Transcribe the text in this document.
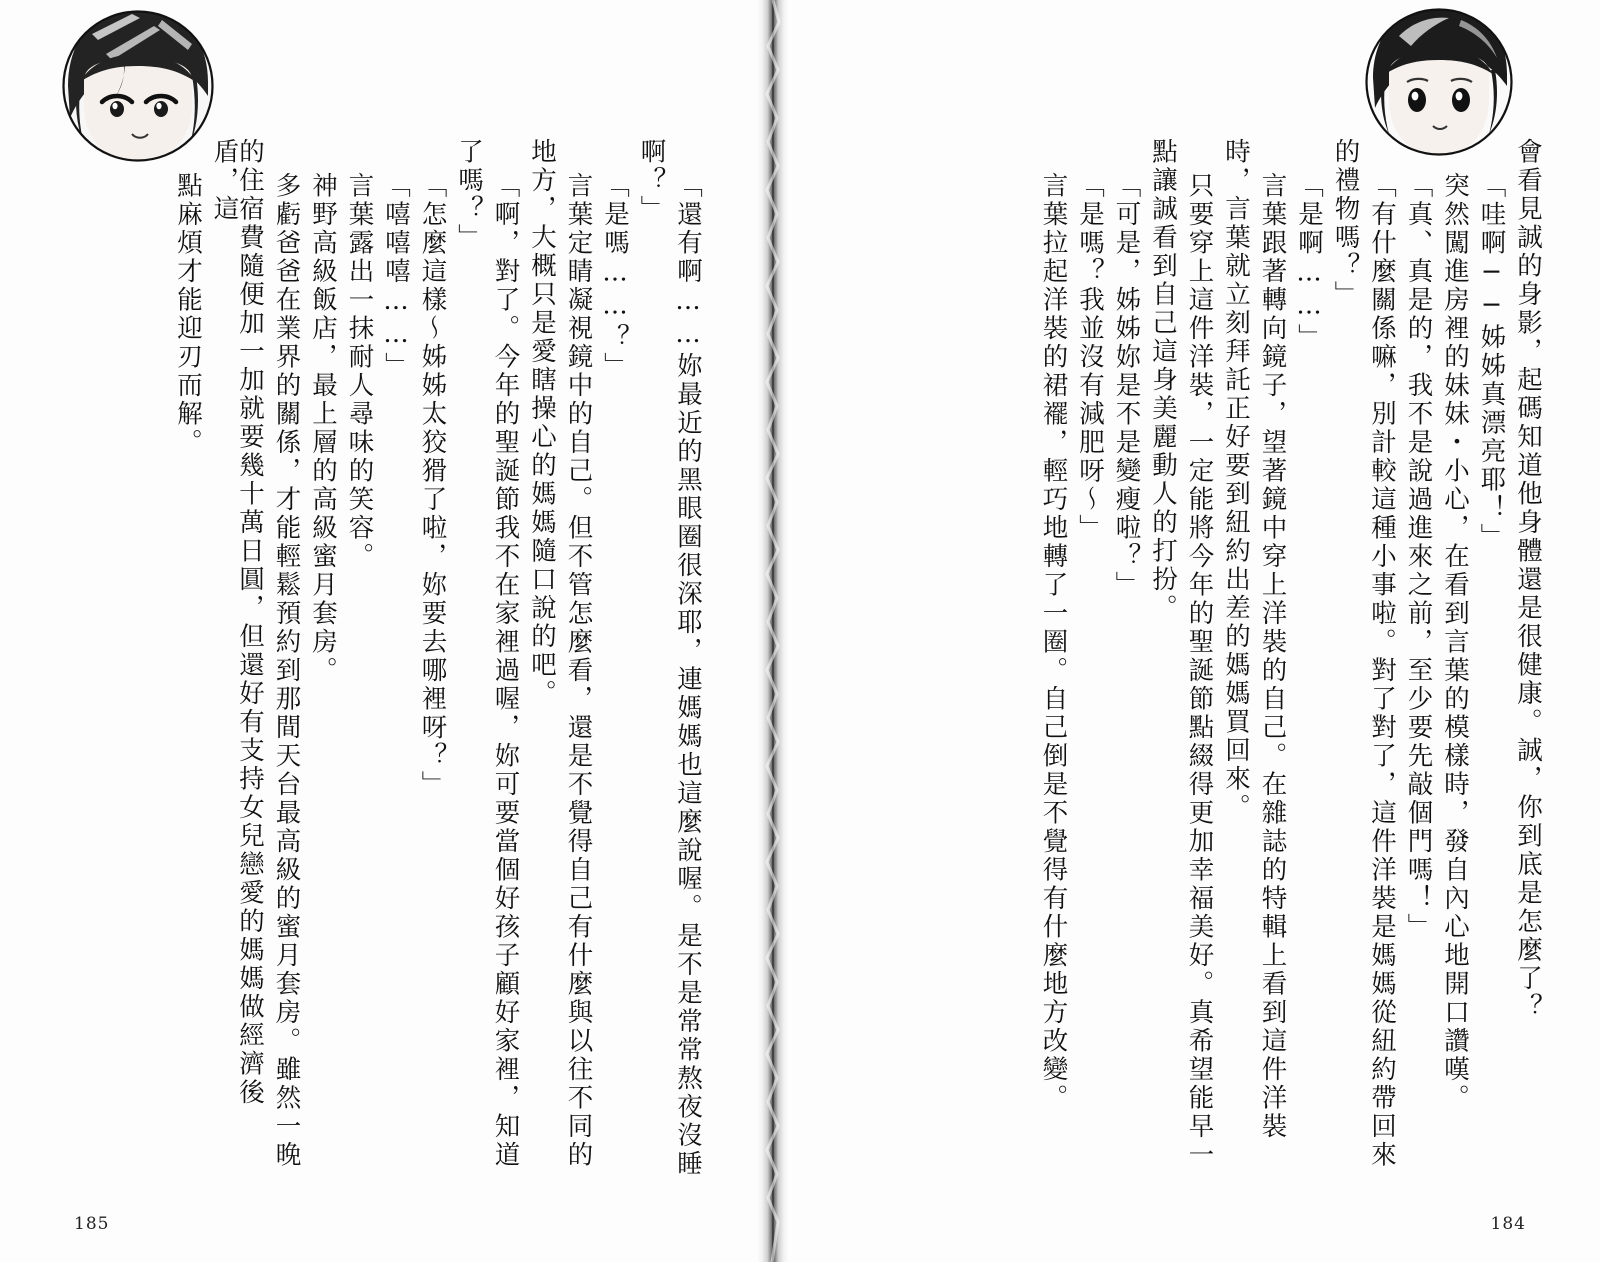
會看見誠的身影，起碼知道他身體還是很健康。誠，你到底是怎麼了？
「哇啊──姊姊真漂亮耶！」
突然闖進房裡的妹妹・小心，在看到言葉的模樣時，發自內心地開口讚嘆。
「真、真是的，我不是說過進來之前，至少要先敲個門嗎！」
「有什麼關係嘛，別計較這種小事啦。對了對了，這件洋裝是媽媽從紐約帶回來
的禮物嗎？」
「是啊……」
言葉跟著轉向鏡子，望著鏡中穿上洋裝的自己。在雜誌的特輯上看到這件洋裝
時，言葉就立刻拜託正好要到紐約出差的媽媽買回來。
只要穿上這件洋裝，一定能將今年的聖誕節點綴得更加幸福美好。真希望能早一
點讓誠看到自己這身美麗動人的打扮。
「可是，姊姊妳是不是變瘦啦？」
「是嗎？我並沒有減肥呀～」
言葉拉起洋裝的裙襬，輕巧地轉了一圈。自己倒是不覺得有什麼地方改變。
184
「還有啊……妳最近的黑眼圈很深耶，連媽媽也這麼說喔。是不是常常熬夜沒睡
啊？」
「是嗎……？」
言葉定睛凝視鏡中的自己。但不管怎麼看，還是不覺得自己有什麼與以往不同的
地方，大概只是愛瞎操心的媽媽隨口說的吧。
「啊，對了。今年的聖誕節我不在家裡過喔，妳可要當個好孩子顧好家裡，知道
了嗎？」
「怎麼這樣～姊姊太狡猾了啦，妳要去哪裡呀？」
「嘻嘻嘻……」
言葉露出一抹耐人尋味的笑容。
神野高級飯店，最上層的高級蜜月套房。
多虧爸爸在業界的關係，才能輕鬆預約到那間天台最高級的蜜月套房。雖然一晚
的住宿費隨便加一加就要幾十萬日圓，但還好有支持女兒戀愛的媽媽做經濟後盾，這
點麻煩才能迎刃而解。
185
